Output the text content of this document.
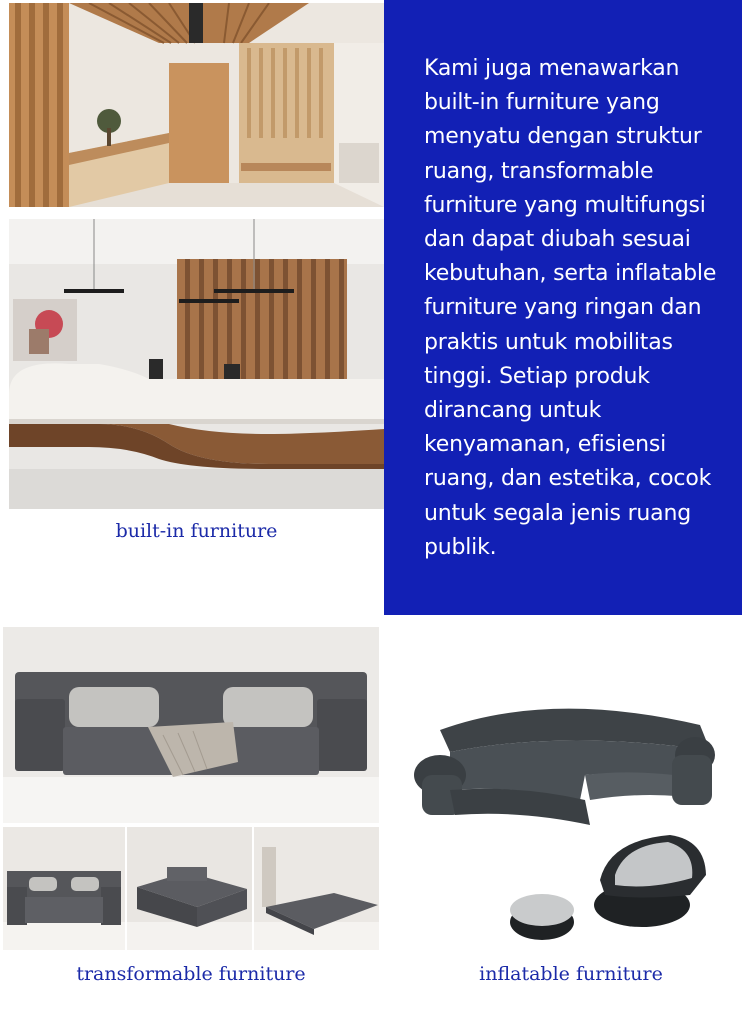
built-in furniture
Kami juga menawarkan built-in furniture yang menyatu dengan struktur ruang, transformable furniture yang multifungsi dan dapat diubah sesuai kebutuhan, serta inflatable furniture yang ringan dan praktis untuk mobilitas tinggi. Setiap produk dirancang untuk kenyamanan, efisiensi ruang, dan estetika, cocok untuk segala jenis ruang publik.
transformable furniture	inflatable furniture
